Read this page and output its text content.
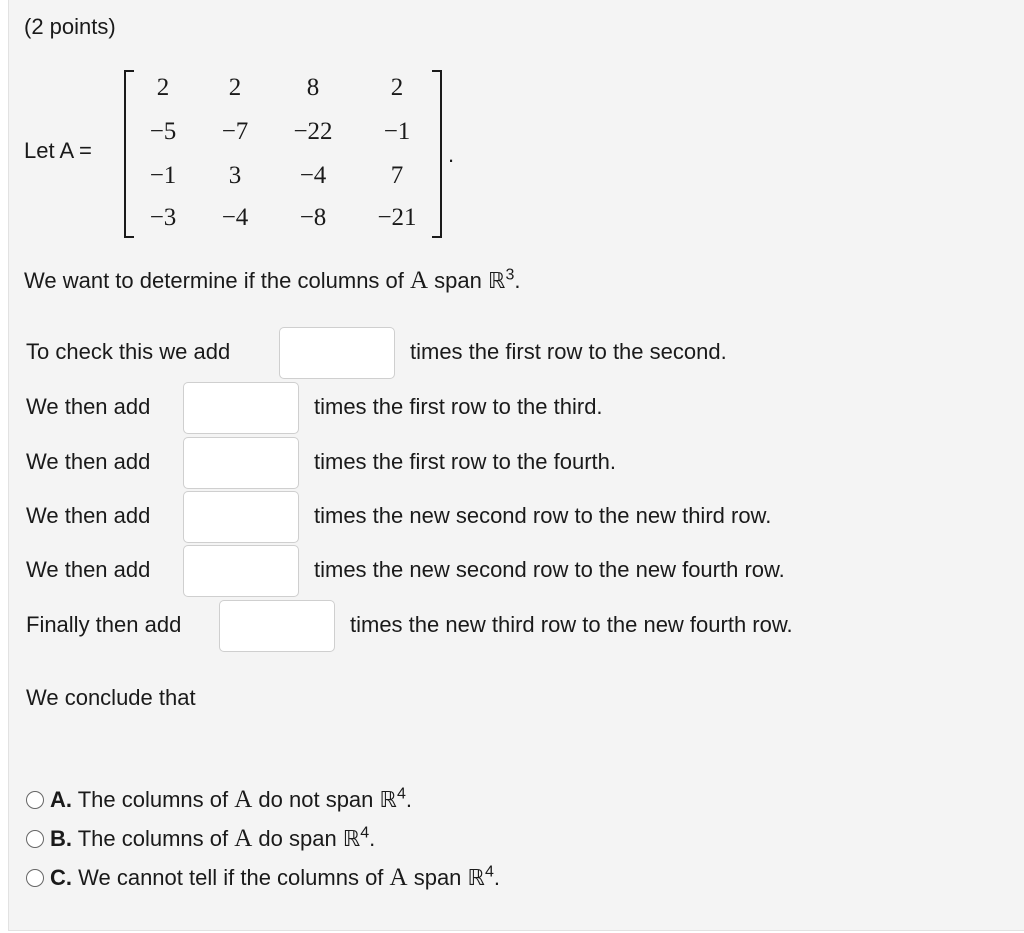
(2 points)
Let A =
2	2	8	2
−5	−7	−22	−1
−1	3	−4	7
−3	−4	−8	−21
.
We want to determine if the columns of A span ℝ$^3$.
To check this we add	times the first row to the second.
We then add	times the first row to the third.
We then add	times the first row to the fourth.
We then add	times the new second row to the new third row.
We then add	times the new second row to the new fourth row.
Finally then add	times the new third row to the new fourth row.
We conclude that
A. The columns of A do not span ℝ$^4$.
B. The columns of A do span ℝ$^4$.
C. We cannot tell if the columns of A span ℝ$^4$.
